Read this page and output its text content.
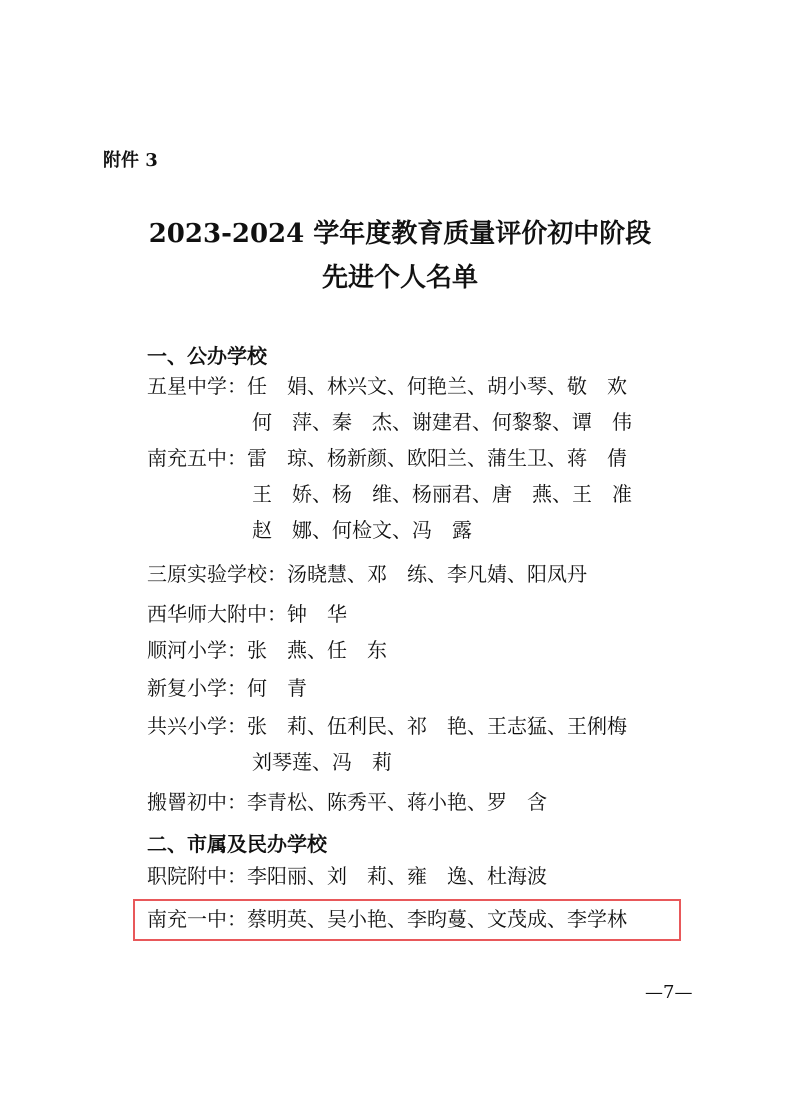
附件 3
2023-2024 学年度教育质量评价初中阶段
先进个人名单
一、公办学校
五星中学：任　娟、林兴文、何艳兰、胡小琴、敬　欢
何　萍、秦　杰、谢建君、何黎黎、谭　伟
南充五中：雷　琼、杨新颜、欧阳兰、蒲生卫、蒋　倩
王　娇、杨　维、杨丽君、唐　燕、王　准
赵　娜、何检文、冯　露
三原实验学校：汤晓慧、邓　练、李凡婧、阳凤丹
西华师大附中：钟　华
顺河小学：张　燕、任　东
新复小学：何　青
共兴小学：张　莉、伍利民、祁　艳、王志猛、王俐梅
刘琴莲、冯　莉
搬罾初中：李青松、陈秀平、蒋小艳、罗　含
二、市属及民办学校
职院附中：李阳丽、刘　莉、雍　逸、杜海波
南充一中：蔡明英、吴小艳、李昀蔓、文茂成、李学林
—7—
